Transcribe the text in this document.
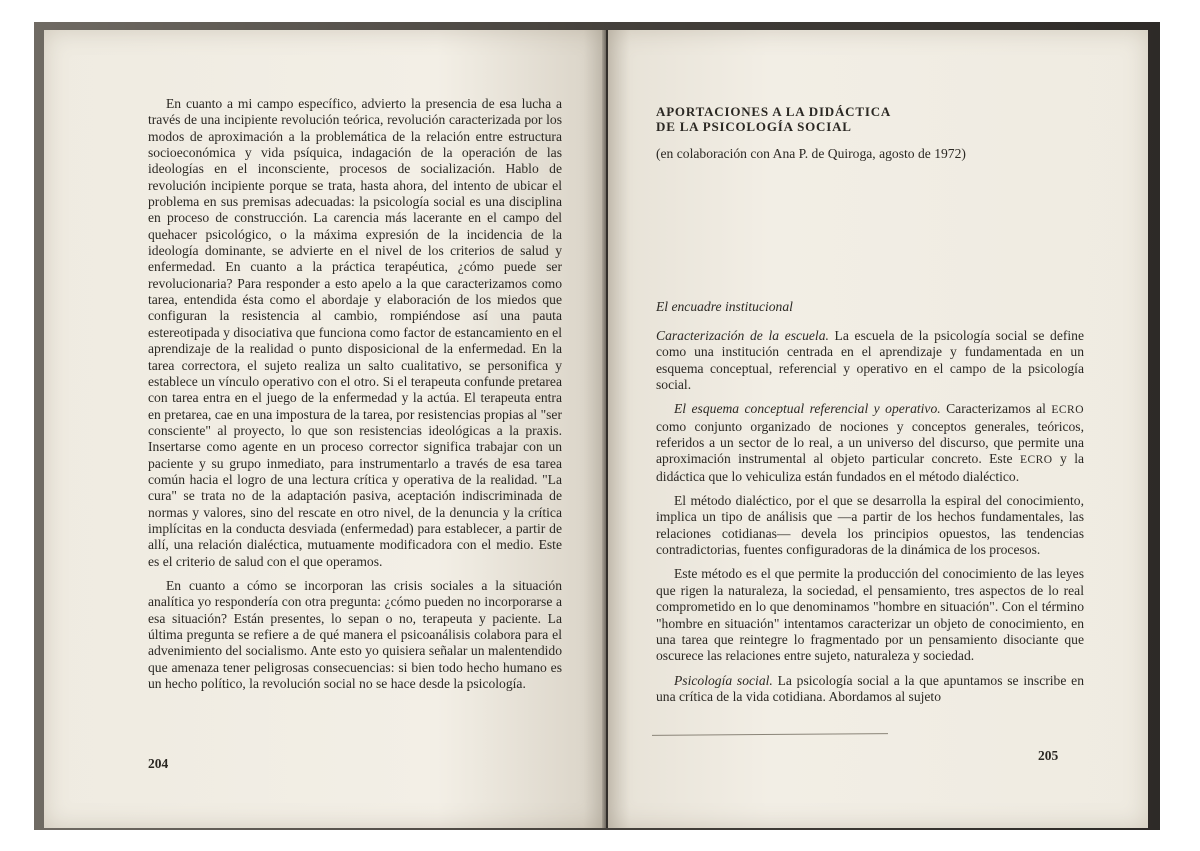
En cuanto a mi campo específico, advierto la presencia de esa lucha a través de una incipiente revolución teórica, revolución caracterizada por los modos de aproximación a la problemática de la relación entre estructura socioeconómica y vida psíquica, indagación de la operación de las ideologías en el inconsciente, procesos de socialización. Hablo de revolución incipiente porque se trata, hasta ahora, del intento de ubicar el problema en sus premisas adecuadas: la psicología social es una disciplina en proceso de construcción. La carencia más lacerante en el campo del quehacer psicológico, o la máxima expresión de la incidencia de la ideología dominante, se advierte en el nivel de los criterios de salud y enfermedad. En cuanto a la práctica terapéutica, ¿cómo puede ser revolucionaria? Para responder a esto apelo a la que caracterizamos como tarea, entendida ésta como el abordaje y elaboración de los miedos que configuran la resistencia al cambio, rompiéndose así una pauta estereotipada y disociativa que funciona como factor de estancamiento en el aprendizaje de la realidad o punto disposicional de la enfermedad. En la tarea correctora, el sujeto realiza un salto cualitativo, se personifica y establece un vínculo operativo con el otro. Si el terapeuta confunde pretarea con tarea entra en el juego de la enfermedad y la actúa. El terapeuta entra en pretarea, cae en una impostura de la tarea, por resistencias propias al "ser consciente" al proyecto, lo que son resistencias ideológicas a la praxis. Insertarse como agente en un proceso corrector significa trabajar con un paciente y su grupo inmediato, para instrumentarlo a través de esa tarea común hacia el logro de una lectura crítica y operativa de la realidad. "La cura" se trata no de la adaptación pasiva, aceptación indiscriminada de normas y valores, sino del rescate en otro nivel, de la denuncia y la crítica implícitas en la conducta desviada (enfermedad) para establecer, a partir de allí, una relación dialéctica, mutuamente modificadora con el medio. Este es el criterio de salud con el que operamos.

En cuanto a cómo se incorporan las crisis sociales a la situación analítica yo respondería con otra pregunta: ¿cómo pueden no incorporarse a esa situación? Están presentes, lo sepan o no, terapeuta y paciente. La última pregunta se refiere a de qué manera el psicoanálisis colabora para el advenimiento del socialismo. Ante esto yo quisiera señalar un malentendido que amenaza tener peligrosas consecuencias: si bien todo hecho humano es un hecho político, la revolución social no se hace desde la psicología.

204
APORTACIONES A LA DIDÁCTICA
DE LA PSICOLOGÍA SOCIAL
(en colaboración con Ana P. de Quiroga, agosto de 1972)
El encuadre institucional

Caracterización de la escuela. La escuela de la psicología social se define como una institución centrada en el aprendizaje y fundamentada en un esquema conceptual, referencial y operativo en el campo de la psicología social.

El esquema conceptual referencial y operativo. Caracterizamos al ECRO como conjunto organizado de nociones y conceptos generales, teóricos, referidos a un sector de lo real, a un universo del discurso, que permite una aproximación instrumental al objeto particular concreto. Este ECRO y la didáctica que lo vehiculiza están fundados en el método dialéctico.

El método dialéctico, por el que se desarrolla la espiral del conocimiento, implica un tipo de análisis que —a partir de los hechos fundamentales, las relaciones cotidianas— devela los principios opuestos, las tendencias contradictorias, fuentes configuradoras de la dinámica de los procesos.

Este método es el que permite la producción del conocimiento de las leyes que rigen la naturaleza, la sociedad, el pensamiento, tres aspectos de lo real comprometido en lo que denominamos "hombre en situación". Con el término "hombre en situación" intentamos caracterizar un objeto de conocimiento, en una tarea que reintegre lo fragmentado por un pensamiento disociante que oscurece las relaciones entre sujeto, naturaleza y sociedad.

Psicología social. La psicología social a la que apuntamos se inscribe en una crítica de la vida cotidiana. Abordamos al sujeto

205
